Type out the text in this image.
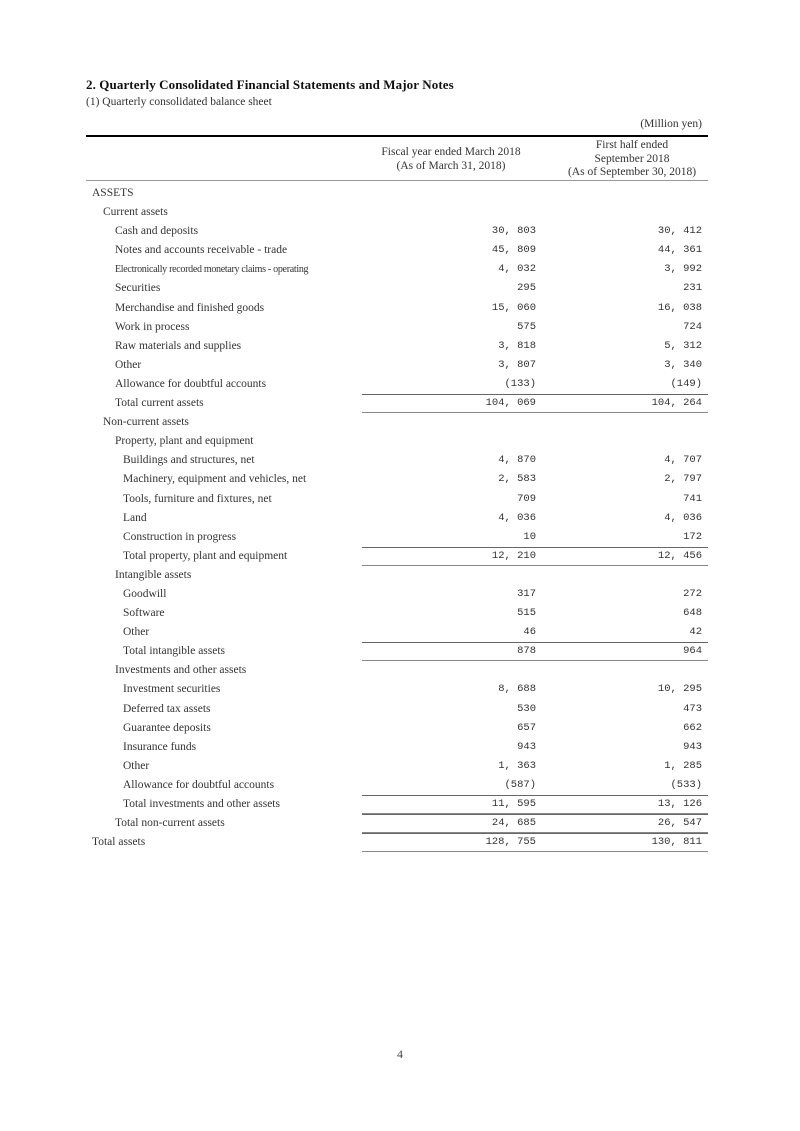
2. Quarterly Consolidated Financial Statements and Major Notes
(1) Quarterly consolidated balance sheet
(Million yen)
Fiscal year ended March 2018
(As of March 31, 2018)
First half ended
September 2018
(As of September 30, 2018)
ASSETS
Current assets
Cash and deposits	30, 803	30, 412
Notes and accounts receivable - trade	45, 809	44, 361
Electronically recorded monetary claims - operating	4, 032	3, 992
Securities	295	231
Merchandise and finished goods	15, 060	16, 038
Work in process	575	724
Raw materials and supplies	3, 818	5, 312
Other	3, 807	3, 340
Allowance for doubtful accounts	(133)	(149)
Total current assets	104, 069	104, 264
Non-current assets
Property, plant and equipment
Buildings and structures, net	4, 870	4, 707
Machinery, equipment and vehicles, net	2, 583	2, 797
Tools, furniture and fixtures, net	709	741
Land	4, 036	4, 036
Construction in progress	10	172
Total property, plant and equipment	12, 210	12, 456
Intangible assets
Goodwill	317	272
Software	515	648
Other	46	42
Total intangible assets	878	964
Investments and other assets
Investment securities	8, 688	10, 295
Deferred tax assets	530	473
Guarantee deposits	657	662
Insurance funds	943	943
Other	1, 363	1, 285
Allowance for doubtful accounts	(587)	(533)
Total investments and other assets	11, 595	13, 126
Total non-current assets	24, 685	26, 547
Total assets	128, 755	130, 811
4
